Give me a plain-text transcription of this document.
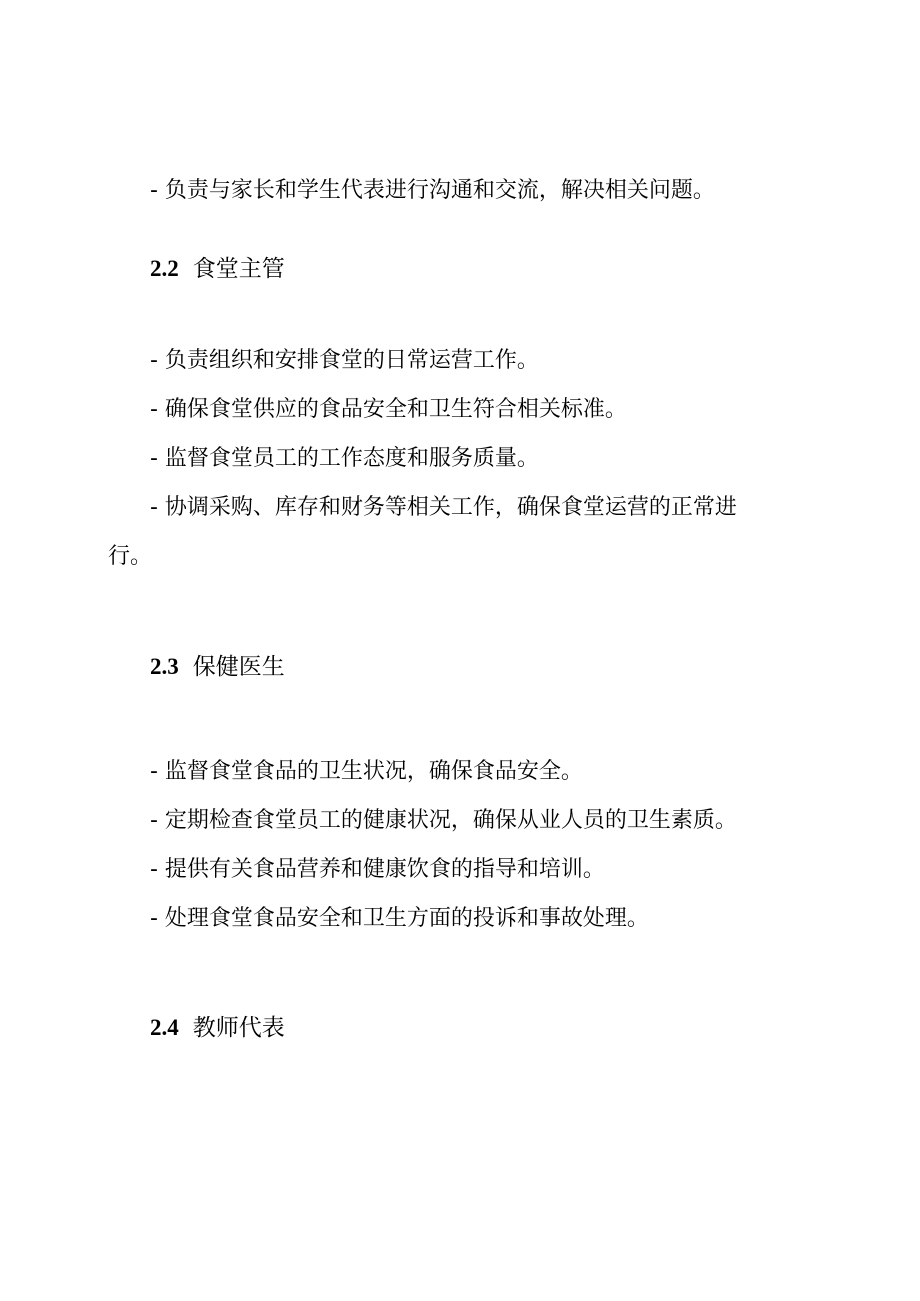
- 负责与家长和学生代表进行沟通和交流，解决相关问题。
2.2 食堂主管
- 负责组织和安排食堂的日常运营工作。
- 确保食堂供应的食品安全和卫生符合相关标准。
- 监督食堂员工的工作态度和服务质量。
- 协调采购、库存和财务等相关工作，确保食堂运营的正常进
行。
2.3 保健医生
- 监督食堂食品的卫生状况，确保食品安全。
- 定期检查食堂员工的健康状况，确保从业人员的卫生素质。
- 提供有关食品营养和健康饮食的指导和培训。
- 处理食堂食品安全和卫生方面的投诉和事故处理。
2.4 教师代表
